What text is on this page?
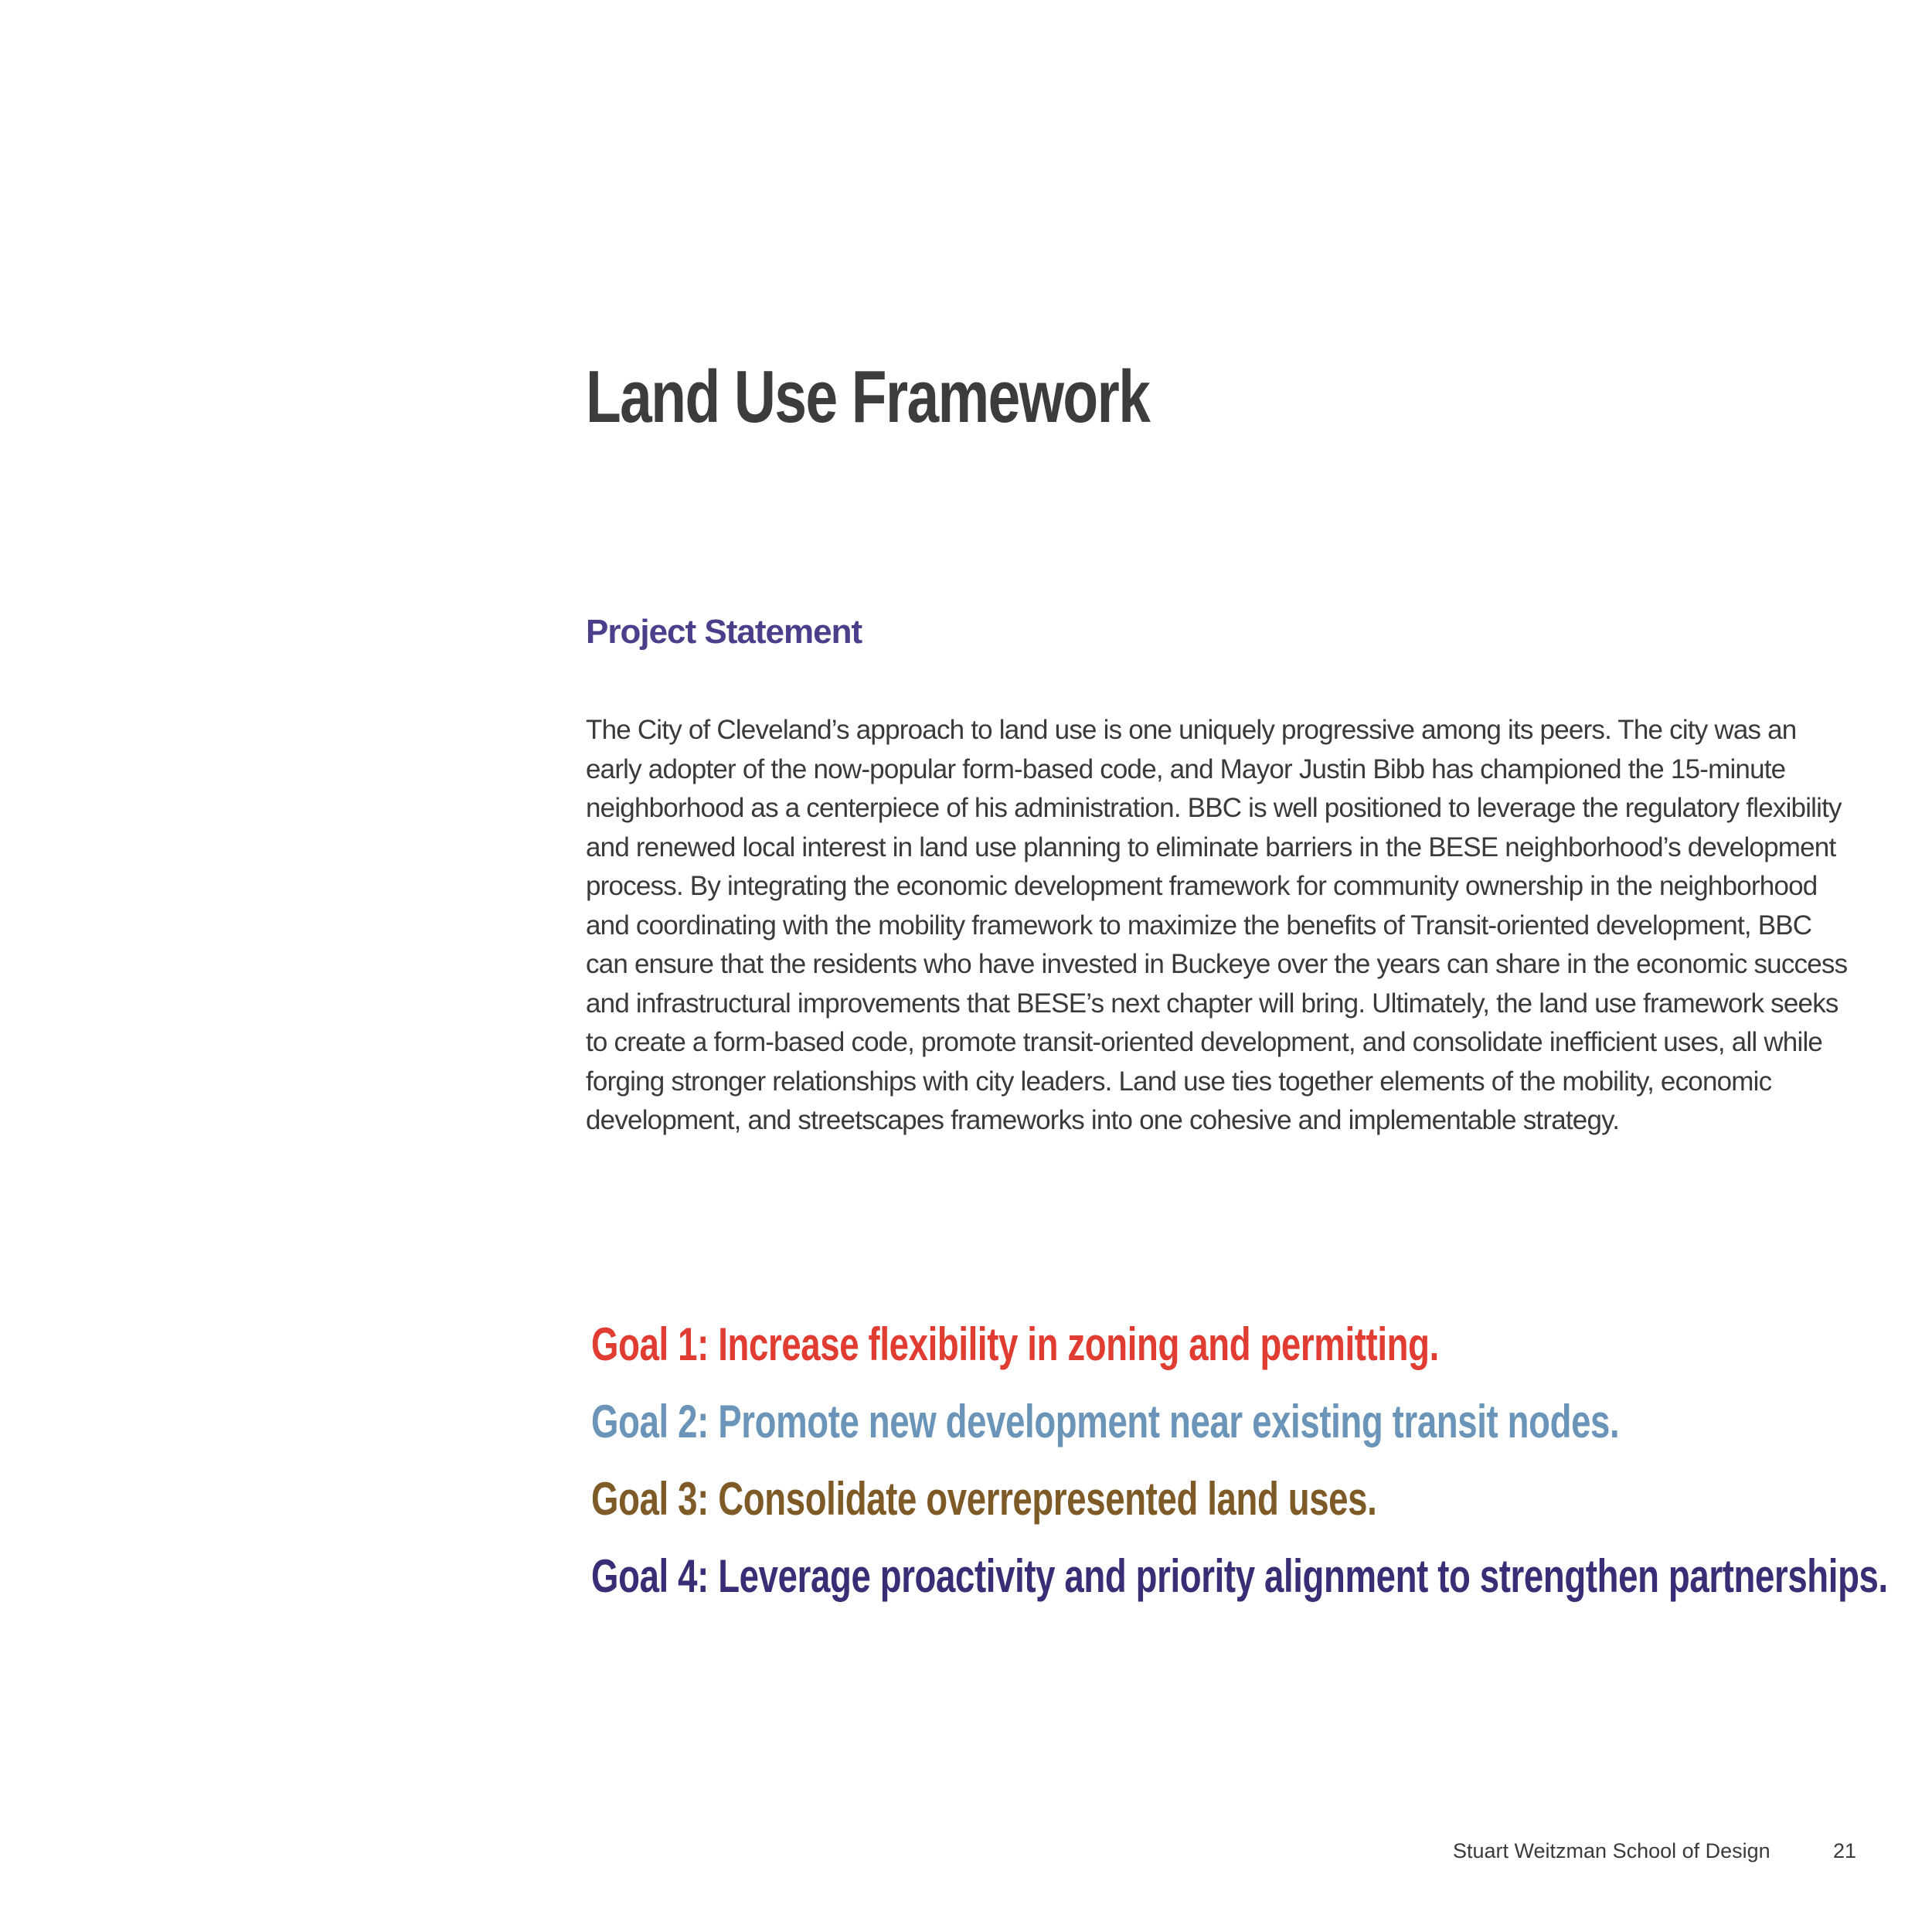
Land Use Framework
Project Statement

The City of Cleveland’s approach to land use is one uniquely progressive among its peers. The city was an early adopter of the now-popular form-based code, and Mayor Justin Bibb has championed the 15-minute neighborhood as a centerpiece of his administration. BBC is well positioned to leverage the regulatory flexibility and renewed local interest in land use planning to eliminate barriers in the BESE neighborhood’s development process. By integrating the economic development framework for community ownership in the neighborhood and coordinating with the mobility framework to maximize the benefits of Transit-oriented development, BBC can ensure that the residents who have invested in Buckeye over the years can share in the economic success and infrastructural improvements that BESE’s next chapter will bring. Ultimately, the land use framework seeks to create a form-based code, promote transit-oriented development, and consolidate inefficient uses, all while forging stronger relationships with city leaders. Land use ties together elements of the mobility, economic development, and streetscapes frameworks into one cohesive and implementable strategy.

Goal 1: Increase flexibility in zoning and permitting.
Goal 2: Promote new development near existing transit nodes.
Goal 3: Consolidate overrepresented land uses.
Goal 4: Leverage proactivity and priority alignment to strengthen partnerships.
Stuart Weitzman School of Design	21
